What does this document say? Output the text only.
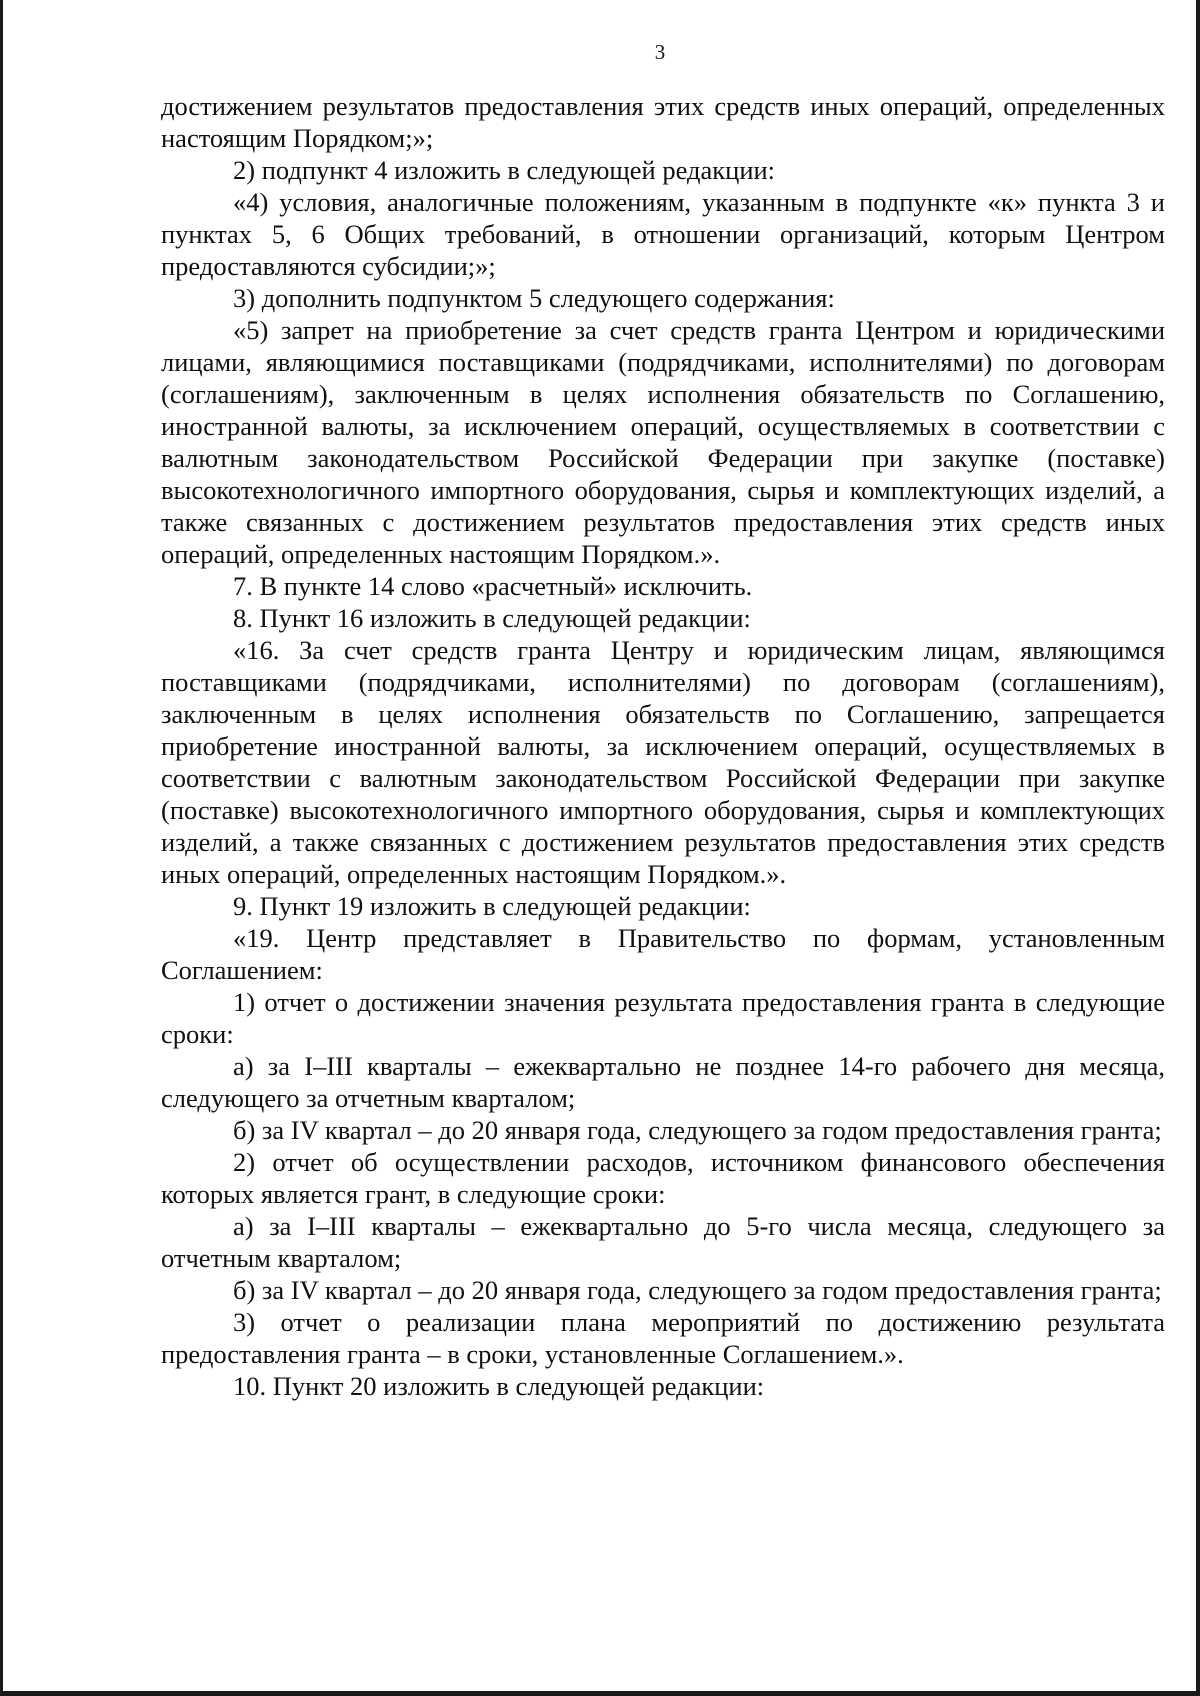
3

достижением результатов предоставления этих средств иных операций, определенных настоящим Порядком;»;

2) подпункт 4 изложить в следующей редакции:

«4) условия, аналогичные положениям, указанным в подпункте «к» пункта 3 и пунктах 5, 6 Общих требований, в отношении организаций, которым Центром предоставляются субсидии;»;

3) дополнить подпунктом 5 следующего содержания:

«5) запрет на приобретение за счет средств гранта Центром и юридическими лицами, являющимися поставщиками (подрядчиками, исполнителями) по договорам (соглашениям), заключенным в целях исполнения обязательств по Соглашению, иностранной валюты, за исключением операций, осуществляемых в соответствии с валютным законодательством Российской Федерации при закупке (поставке) высокотехнологичного импортного оборудования, сырья и комплектующих изделий, а также связанных с достижением результатов предоставления этих средств иных операций, определенных настоящим Порядком.».

7. В пункте 14 слово «расчетный» исключить.

8. Пункт 16 изложить в следующей редакции:

«16. За счет средств гранта Центру и юридическим лицам, являющимся поставщиками (подрядчиками, исполнителями) по договорам (соглашениям), заключенным в целях исполнения обязательств по Соглашению, запрещается приобретение иностранной валюты, за исключением операций, осуществляемых в соответствии с валютным законодательством Российской Федерации при закупке (поставке) высокотехнологичного импортного оборудования, сырья и комплектующих изделий, а также связанных с достижением результатов предоставления этих средств иных операций, определенных настоящим Порядком.».

9. Пункт 19 изложить в следующей редакции:

«19. Центр представляет в Правительство по формам, установленным Соглашением:

1) отчет о достижении значения результата предоставления гранта в следующие сроки:

а) за I–III кварталы – ежеквартально не позднее 14-го рабочего дня месяца, следующего за отчетным кварталом;

б) за IV квартал – до 20 января года, следующего за годом предоставления гранта;

2) отчет об осуществлении расходов, источником финансового обеспечения которых является грант, в следующие сроки:

а) за I–III кварталы – ежеквартально до 5-го числа месяца, следующего за отчетным кварталом;

б) за IV квартал – до 20 января года, следующего за годом предоставления гранта;

3) отчет о реализации плана мероприятий по достижению результата предоставления гранта – в сроки, установленные Соглашением.».

10. Пункт 20 изложить в следующей редакции:
